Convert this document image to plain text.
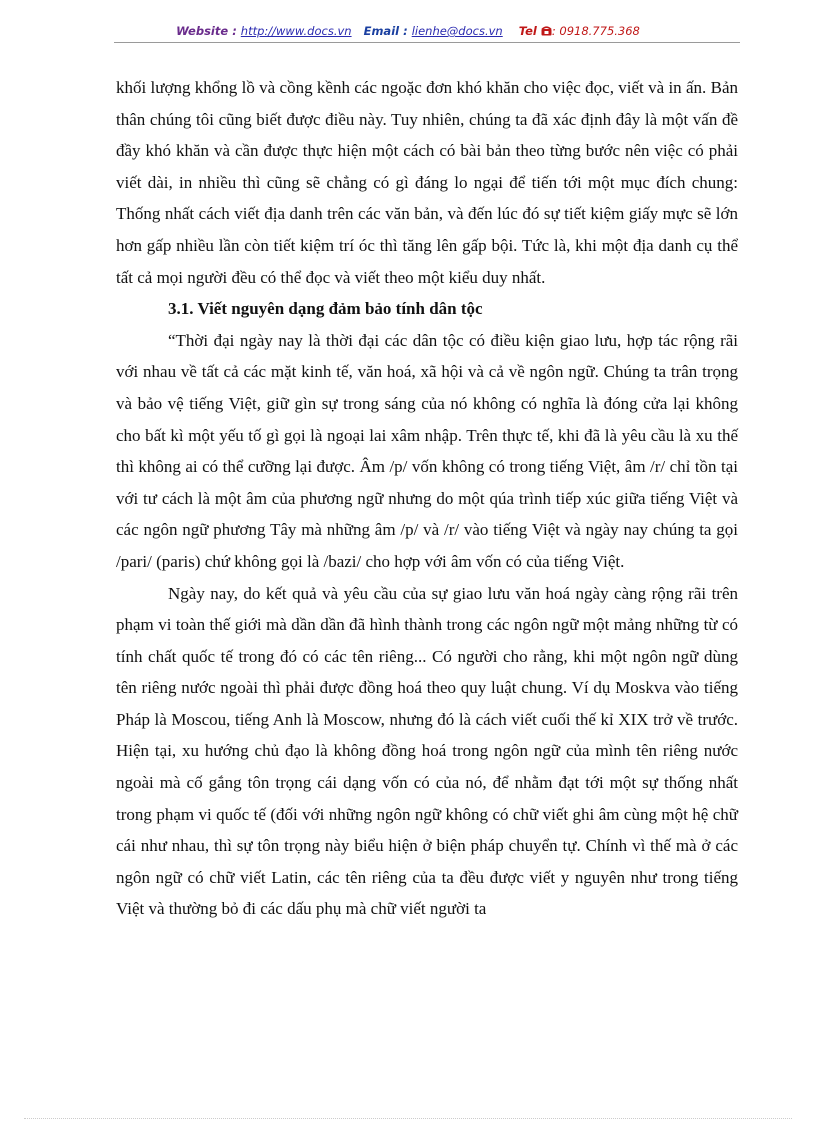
Website : http://www.docs.vn Email : lienhe@docs.vn Tel : 0918.775.368

khối lượng khổng lồ và cồng kềnh các ngoặc đơn khó khăn cho việc đọc, viết và in ấn. Bản thân chúng tôi cũng biết được điều này. Tuy nhiên, chúng ta đã xác định đây là một vấn đề đầy khó khăn và cần được thực hiện một cách có bài bản theo từng bước nên việc có phải viết dài, in nhiều thì cũng sẽ chẳng có gì đáng lo ngại để tiến tới một mục đích chung: Thống nhất cách viết địa danh trên các văn bản, và đến lúc đó sự tiết kiệm giấy mực sẽ lớn hơn gấp nhiều lần còn tiết kiệm trí óc thì tăng lên gấp bội. Tức là, khi một địa danh cụ thể tất cả mọi người đều có thể đọc và viết theo một kiểu duy nhất.

3.1. Viết nguyên dạng đảm bảo tính dân tộc

“Thời đại ngày nay là thời đại các dân tộc có điều kiện giao lưu, hợp tác rộng rãi với nhau về tất cả các mặt kinh tế, văn hoá, xã hội và cả về ngôn ngữ. Chúng ta trân trọng và bảo vệ tiếng Việt, giữ gìn sự trong sáng của nó không có nghĩa là đóng cửa lại không cho bất kì một yếu tố gì gọi là ngoại lai xâm nhập. Trên thực tế, khi đã là yêu cầu là xu thế thì không ai có thể cưỡng lại được. Âm /p/ vốn không có trong tiếng Việt, âm /r/ chỉ tồn tại với tư cách là một âm của phương ngữ nhưng do một qúa trình tiếp xúc giữa tiếng Việt và các ngôn ngữ phương Tây mà những âm /p/ và /r/ vào tiếng Việt và ngày nay chúng ta gọi /pari/ (paris) chứ không gọi là /bazi/ cho hợp với âm vốn có của tiếng Việt.

Ngày nay, do kết quả và yêu cầu của sự giao lưu văn hoá ngày càng rộng rãi trên phạm vi toàn thế giới mà dần dần đã hình thành trong các ngôn ngữ một mảng những từ có tính chất quốc tế trong đó có các tên riêng... Có người cho rằng, khi một ngôn ngữ dùng tên riêng nước ngoài thì phải được đồng hoá theo quy luật chung. Ví dụ Moskva vào tiếng Pháp là Moscou, tiếng Anh là Moscow, nhưng đó là cách viết cuối thế kỉ XIX trở về trước. Hiện tại, xu hướng chủ đạo là không đồng hoá trong ngôn ngữ của mình tên riêng nước ngoài mà cố gắng tôn trọng cái dạng vốn có của nó, để nhằm đạt tới một sự thống nhất trong phạm vi quốc tế (đối với những ngôn ngữ không có chữ viết ghi âm cùng một hệ chữ cái như nhau, thì sự tôn trọng này biểu hiện ở biện pháp chuyển tự. Chính vì thế mà ở các ngôn ngữ có chữ viết Latin, các tên riêng của ta đều được viết y nguyên như trong tiếng Việt và thường bỏ đi các dấu phụ mà chữ viết người ta
